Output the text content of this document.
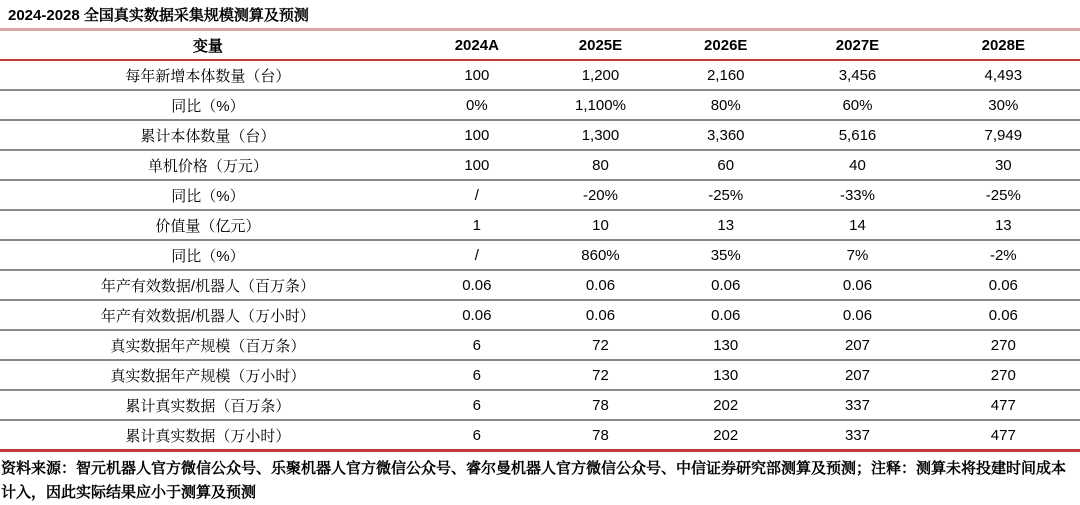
2024-2028 全国真实数据采集规模测算及预测
变量	2024A	2025E	2026E	2027E	2028E
每年新增本体数量（台）	100	1,200	2,160	3,456	4,493
同比（%）	0%	1,100%	80%	60%	30%
累计本体数量（台）	100	1,300	3,360	5,616	7,949
单机价格（万元）	100	80	60	40	30
同比（%）	/	-20%	-25%	-33%	-25%
价值量（亿元）	1	10	13	14	13
同比（%）	/	860%	35%	7%	-2%
年产有效数据/机器人（百万条）	0.06	0.06	0.06	0.06	0.06
年产有效数据/机器人（万小时）	0.06	0.06	0.06	0.06	0.06
真实数据年产规模（百万条）	6	72	130	207	270
真实数据年产规模（万小时）	6	72	130	207	270
累计真实数据（百万条）	6	78	202	337	477
累计真实数据（万小时）	6	78	202	337	477
资料来源：智元机器人官方微信公众号、乐聚机器人官方微信公众号、睿尔曼机器人官方微信公众号、中信证券研究部测算及预测；注释：测算未将投建时间成本计入，因此实际结果应小于测算及预测
